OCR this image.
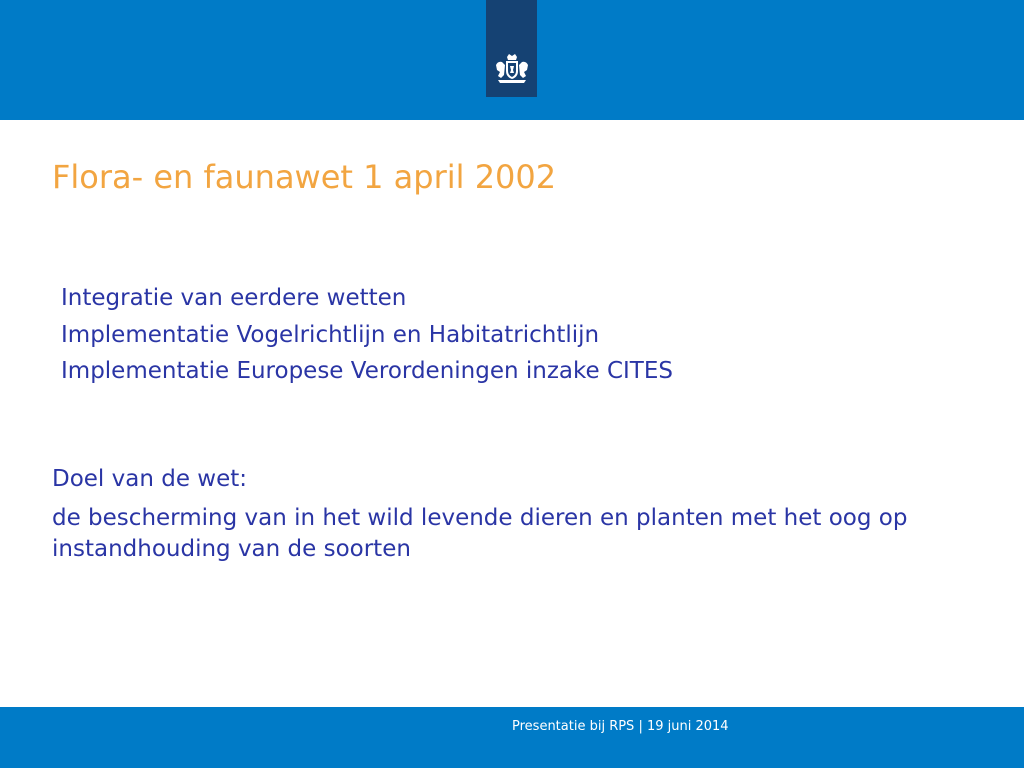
Flora- en faunawet 1 april 2002
Integratie van eerdere wetten
Implementatie Vogelrichtlijn en Habitatrichtlijn
Implementatie Europese Verordeningen inzake CITES
Doel van de wet:
de bescherming van in het wild levende dieren en planten met het oog op instandhouding van de soorten
Presentatie bij RPS | 19 juni 2014
